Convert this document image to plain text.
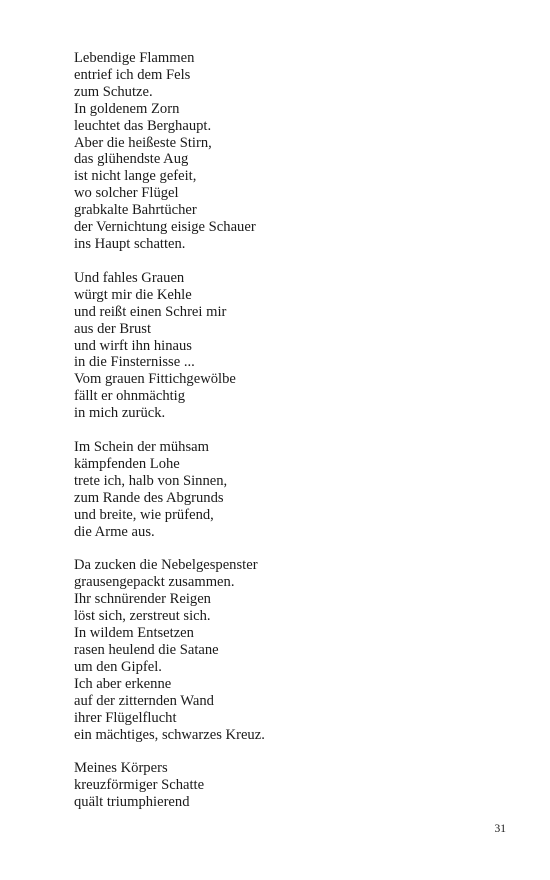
Lebendige Flammen
entrief ich dem Fels
zum Schutze.
In goldenem Zorn
leuchtet das Berghaupt.
Aber die heißeste Stirn,
das glühendste Aug
ist nicht lange gefeit,
wo solcher Flügel
grabkalte Bahrtücher
der Vernichtung eisige Schauer
ins Haupt schatten.
Und fahles Grauen
würgt mir die Kehle
und reißt einen Schrei mir
aus der Brust
und wirft ihn hinaus
in die Finsternisse ...
Vom grauen Fittichgewölbe
fällt er ohnmächtig
in mich zurück.
Im Schein der mühsam
kämpfenden Lohe
trete ich, halb von Sinnen,
zum Rande des Abgrunds
und breite, wie prüfend,
die Arme aus.
Da zucken die Nebelgespenster
grausengepackt zusammen.
Ihr schnürender Reigen
löst sich, zerstreut sich.
In wildem Entsetzen
rasen heulend die Satane
um den Gipfel.
Ich aber erkenne
auf der zitternden Wand
ihrer Flügelflucht
ein mächtiges, schwarzes Kreuz.
Meines Körpers
kreuzförmiger Schatte
quält triumphierend
31
